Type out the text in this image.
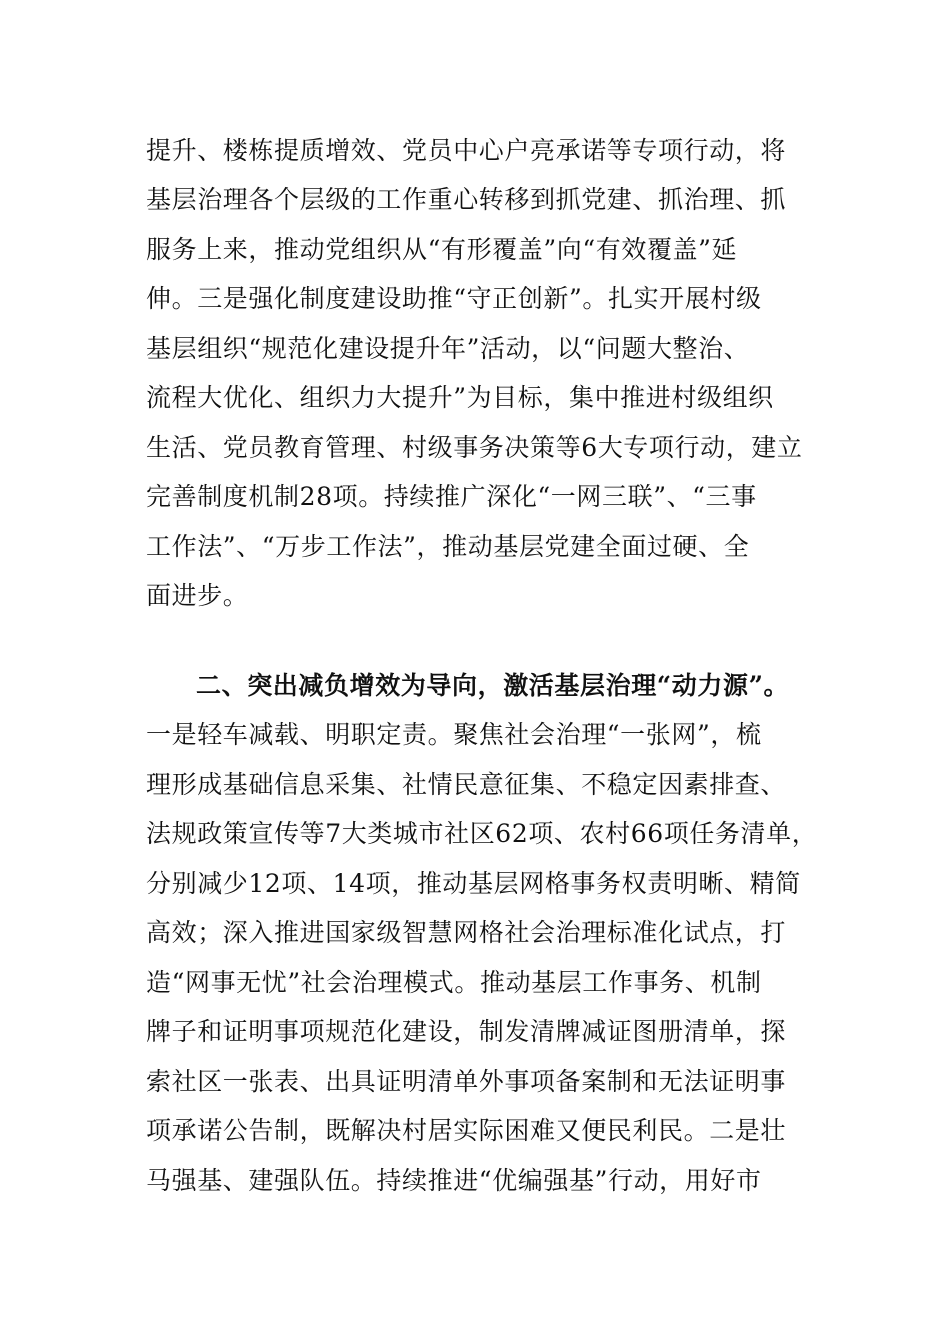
提升、楼栋提质增效、党员中心户亮承诺等专项行动，将
基层治理各个层级的工作重心转移到抓党建、抓治理、抓
服务上来，推动党组织从“有形覆盖”向“有效覆盖”延
伸。三是强化制度建设助推“守正创新”。扎实开展村级
基层组织“规范化建设提升年”活动，以“问题大整治、
流程大优化、组织力大提升”为目标，集中推进村级组织
生活、党员教育管理、村级事务决策等6大专项行动，建立
完善制度机制28项。持续推广深化“一网三联”、“三事
工作法”、“万步工作法”，推动基层党建全面过硬、全
面进步。
二、突出减负增效为导向，激活基层治理“动力源”。
一是轻车减载、明职定责。聚焦社会治理“一张网”，梳
理形成基础信息采集、社情民意征集、不稳定因素排查、
法规政策宣传等7大类城市社区62项、农村66项任务清单，
分别减少12项、14项，推动基层网格事务权责明晰、精简
高效；深入推进国家级智慧网格社会治理标准化试点，打
造“网事无忧”社会治理模式。推动基层工作事务、机制
牌子和证明事项规范化建设，制发清牌减证图册清单，探
索社区一张表、出具证明清单外事项备案制和无法证明事
项承诺公告制，既解决村居实际困难又便民利民。二是壮
马强基、建强队伍。持续推进“优编强基”行动，用好市
